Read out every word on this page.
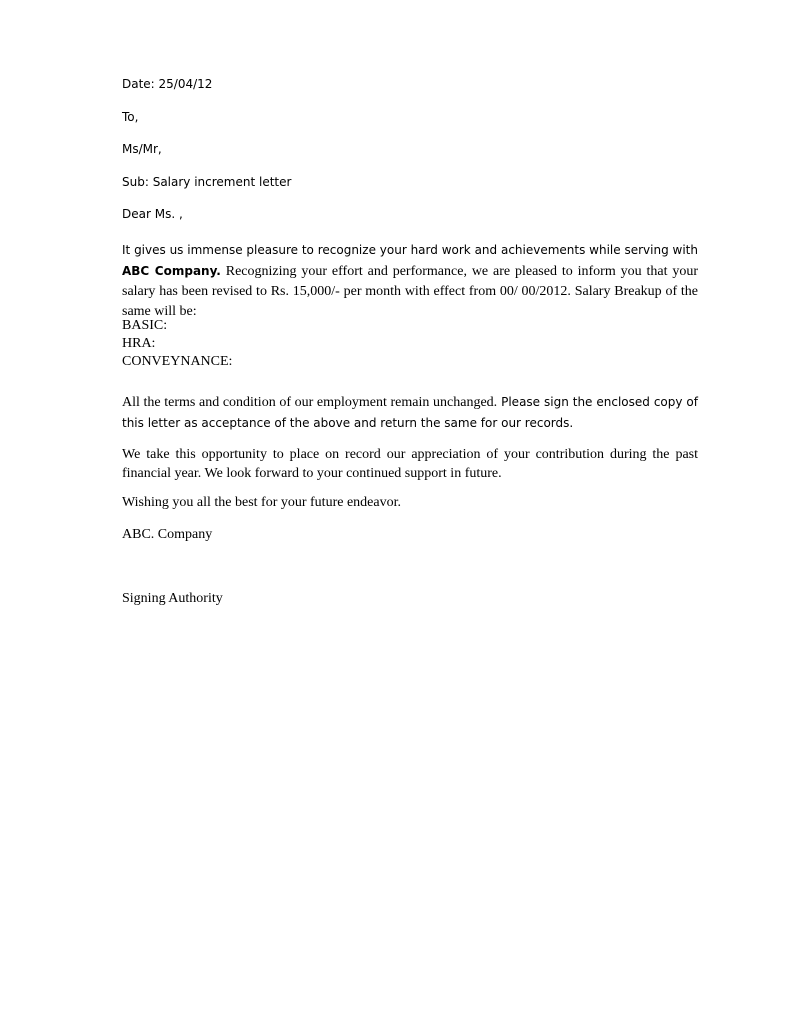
Date: 25/04/12
To,
Ms/Mr,
Sub: Salary increment letter
Dear Ms. ,
It gives us immense pleasure to recognize your hard work and achievements while serving with ABC Company. Recognizing your effort and performance, we are pleased to inform you that your salary has been revised to Rs. 15,000/- per month with effect from 00/ 00/2012. Salary Breakup of the same will be:
BASIC:
HRA:
CONVEYNANCE:
All the terms and condition of our employment remain unchanged. Please sign the enclosed copy of this letter as acceptance of the above and return the same for our records.
We take this opportunity to place on record our appreciation of your contribution during the past financial year. We look forward to your continued support in future.
Wishing you all the best for your future endeavor.
ABC. Company
Signing Authority
